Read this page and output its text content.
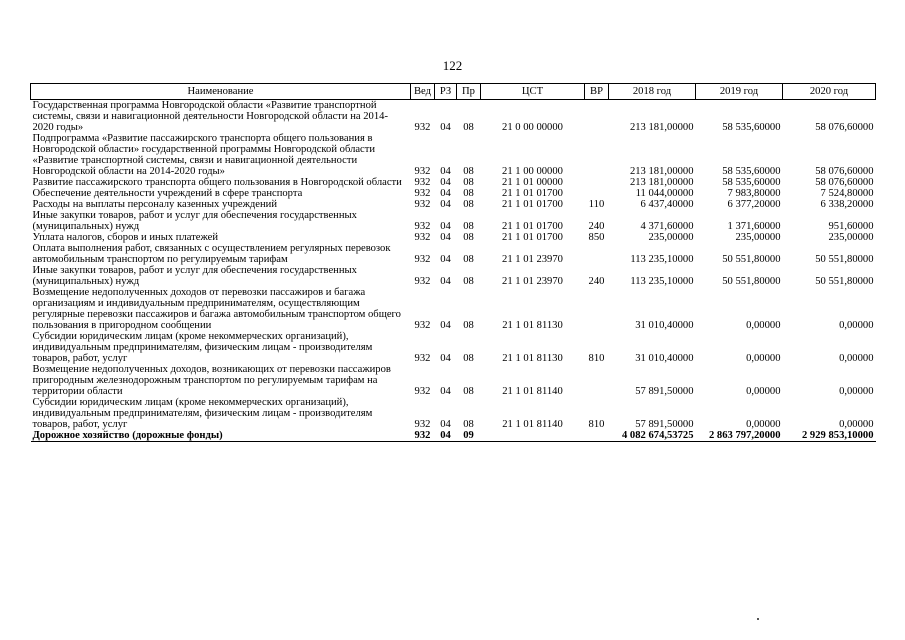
122
Наименование	Вед	РЗ	Пр	ЦСТ	ВР	2018 год	2019 год	2020 год
Государственная программа Новгородской области «Развитие транспортной системы, связи и навигационной деятельности Новгородской области на 2014-2020 годы»	932	04	08	21 0 00 00000		213 181,00000	58 535,60000	58 076,60000
Подпрограмма «Развитие пассажирского транспорта общего пользования в Новгородской области» государственной программы Новгородской области «Развитие транспортной системы, связи и навигационной деятельности Новгородской области на 2014-2020 годы»	932	04	08	21 1 00 00000		213 181,00000	58 535,60000	58 076,60000
Развитие пассажирского транспорта общего пользования в Новгородской области	932	04	08	21 1 01 00000		213 181,00000	58 535,60000	58 076,60000
Обеспечение деятельности учреждений в сфере транспорта	932	04	08	21 1 01 01700		11 044,00000	7 983,80000	7 524,80000
Расходы на выплаты персоналу казенных учреждений	932	04	08	21 1 01 01700	110	6 437,40000	6 377,20000	6 338,20000
Иные закупки товаров, работ и услуг для обеспечения государственных (муниципальных) нужд	932	04	08	21 1 01 01700	240	4 371,60000	1 371,60000	951,60000
Уплата налогов, сборов и иных платежей	932	04	08	21 1 01 01700	850	235,00000	235,00000	235,00000
Оплата выполнения работ, связанных с осуществлением регулярных перевозок автомобильным транспортом по регулируемым тарифам	932	04	08	21 1 01 23970		113 235,10000	50 551,80000	50 551,80000
Иные закупки товаров, работ и услуг для обеспечения государственных (муниципальных) нужд	932	04	08	21 1 01 23970	240	113 235,10000	50 551,80000	50 551,80000
Возмещение недополученных доходов от перевозки пассажиров и багажа организациям и индивидуальным предпринимателям, осуществляющим регулярные перевозки пассажиров и багажа автомобильным транспортом общего пользования в пригородном сообщении	932	04	08	21 1 01 81130		31 010,40000	0,00000	0,00000
Субсидии юридическим лицам (кроме некоммерческих организаций), индивидуальным предпринимателям, физическим лицам - производителям товаров, работ, услуг	932	04	08	21 1 01 81130	810	31 010,40000	0,00000	0,00000
Возмещение недополученных доходов, возникающих от перевозки пассажиров пригородным железнодорожным транспортом по регулируемым тарифам на территории области	932	04	08	21 1 01 81140		57 891,50000	0,00000	0,00000
Субсидии юридическим лицам (кроме некоммерческих организаций), индивидуальным предпринимателям, физическим лицам - производителям товаров, работ, услуг	932	04	08	21 1 01 81140	810	57 891,50000	0,00000	0,00000
Дорожное хозяйство (дорожные фонды)	932	04	09			4 082 674,53725	2 863 797,20000	2 929 853,10000
